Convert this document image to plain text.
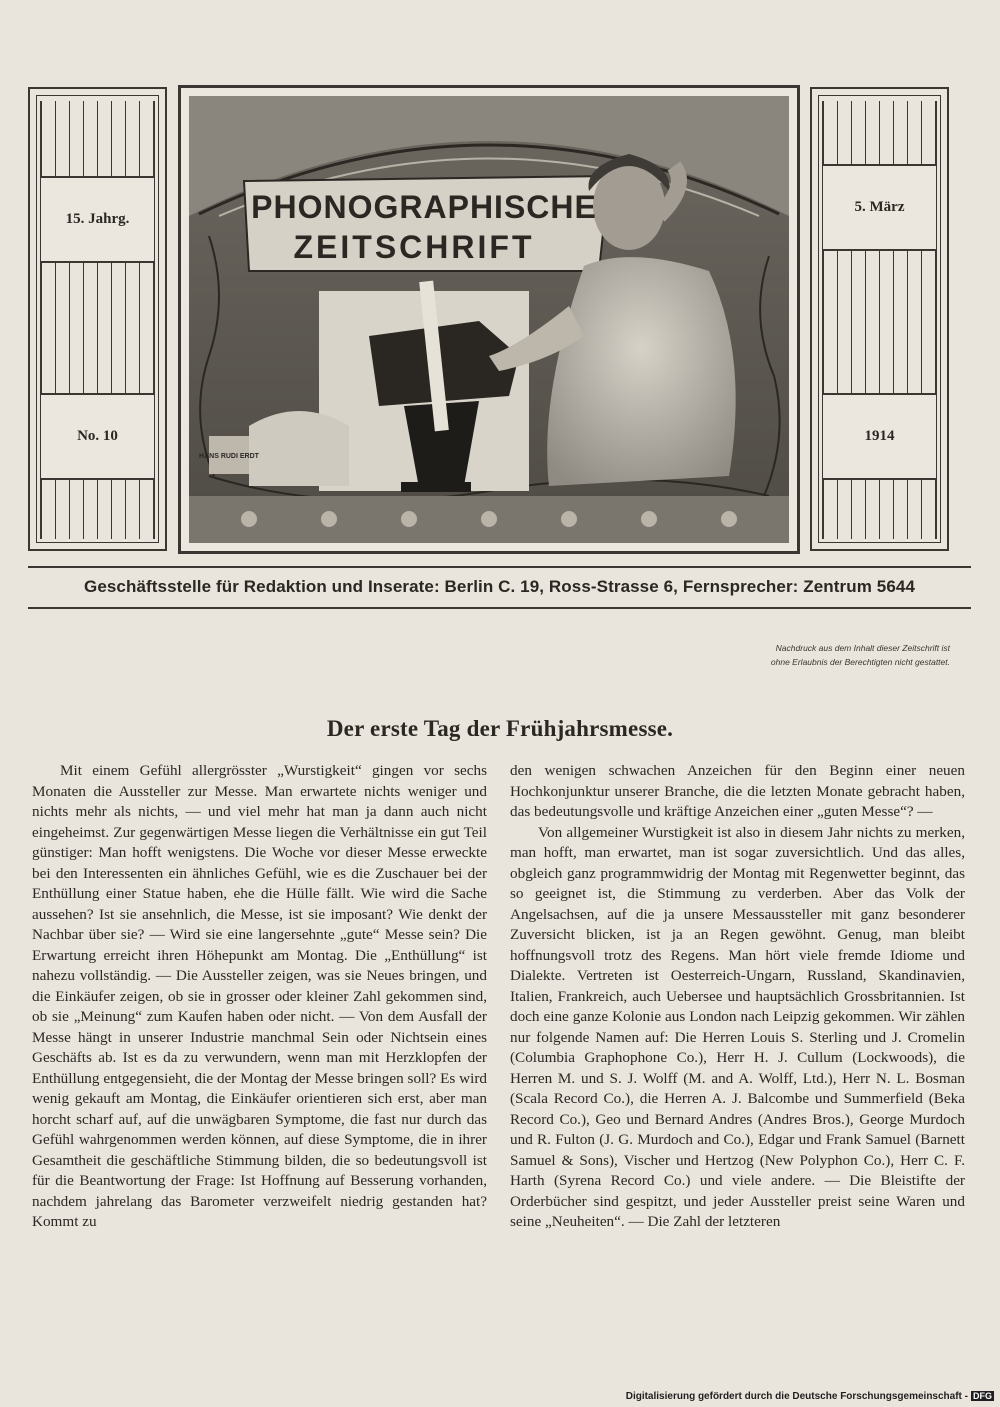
15. Jahrg.
No. 10
5. März
1914
HANS RUDI ERDT
PHONOGRAPHISCHE
ZEITSCHRIFT
Geschäftsstelle für Redaktion und Inserate: Berlin C. 19, Ross-Strasse 6, Fernsprecher: Zentrum 5644
Nachdruck aus dem Inhalt dieser Zeitschrift ist
ohne Erlaubnis der Berechtigten nicht gestattet.
Der erste Tag der Frühjahrsmesse.

Mit einem Gefühl allergrösster „Wurstigkeit“ gingen vor sechs Monaten die Aussteller zur Messe. Man erwartete nichts weniger und nichts mehr als nichts, — und viel mehr hat man ja dann auch nicht eingeheimst. Zur gegenwärtigen Messe liegen die Verhältnisse ein gut Teil günstiger: Man hofft wenigstens. Die Woche vor dieser Messe erweckte bei den Interessenten ein ähnliches Gefühl, wie es die Zuschauer bei der Enthüllung einer Statue haben, ehe die Hülle fällt. Wie wird die Sache aussehen? Ist sie ansehnlich, die Messe, ist sie imposant? Wie denkt der Nachbar über sie? — Wird sie eine langersehnte „gute“ Messe sein? Die Erwartung erreicht ihren Höhepunkt am Montag. Die „Enthüllung“ ist nahezu vollständig. — Die Aussteller zeigen, was sie Neues bringen, und die Einkäufer zeigen, ob sie in grosser oder kleiner Zahl gekommen sind, ob sie „Meinung“ zum Kaufen haben oder nicht. — Von dem Ausfall der Messe hängt in unserer Industrie manchmal Sein oder Nichtsein eines Geschäfts ab. Ist es da zu verwundern, wenn man mit Herzklopfen der Enthüllung entgegensieht, die der Montag der Messe bringen soll? Es wird wenig gekauft am Montag, die Einkäufer orientieren sich erst, aber man horcht scharf auf, auf die unwägbaren Symptome, die fast nur durch das Gefühl wahrgenommen werden können, auf diese Symptome, die in ihrer Gesamtheit die geschäftliche Stimmung bilden, die so bedeutungsvoll ist für die Beantwortung der Frage: Ist Hoffnung auf Besserung vorhanden, nachdem jahrelang das Barometer verzweifelt niedrig gestanden hat? Kommt zu

den wenigen schwachen Anzeichen für den Beginn einer neuen Hochkonjunktur unserer Branche, die die letzten Monate gebracht haben, das bedeutungsvolle und kräftige Anzeichen einer „guten Messe“? —

Von allgemeiner Wurstigkeit ist also in diesem Jahr nichts zu merken, man hofft, man erwartet, man ist sogar zuversichtlich. Und das alles, obgleich ganz programmwidrig der Montag mit Regenwetter beginnt, das so geeignet ist, die Stimmung zu verderben. Aber das Volk der Angelsachsen, auf die ja unsere Messaussteller mit ganz besonderer Zuversicht blicken, ist ja an Regen gewöhnt. Genug, man bleibt hoffnungsvoll trotz des Regens. Man hört viele fremde Idiome und Dialekte. Vertreten ist Oesterreich-Ungarn, Russland, Skandinavien, Italien, Frankreich, auch Uebersee und hauptsächlich Grossbritannien. Ist doch eine ganze Kolonie aus London nach Leipzig gekommen. Wir zählen nur folgende Namen auf: Die Herren Louis S. Sterling und J. Cromelin (Columbia Graphophone Co.), Herr H. J. Cullum (Lockwoods), die Herren M. und S. J. Wolff (M. and A. Wolff, Ltd.), Herr N. L. Bosman (Scala Record Co.), die Herren A. J. Balcombe und Summerfield (Beka Record Co.), Geo und Bernard Andres (Andres Bros.), George Murdoch und R. Fulton (J. G. Murdoch and Co.), Edgar und Frank Samuel (Barnett Samuel & Sons), Vischer und Hertzog (New Polyphon Co.), Herr C. F. Harth (Syrena Record Co.) und viele andere. — Die Bleistifte der Orderbücher sind gespitzt, und jeder Aussteller preist seine Waren und seine „Neuheiten“. — Die Zahl der letzteren

Digitalisierung gefördert durch die Deutsche Forschungsgemeinschaft - DFG
